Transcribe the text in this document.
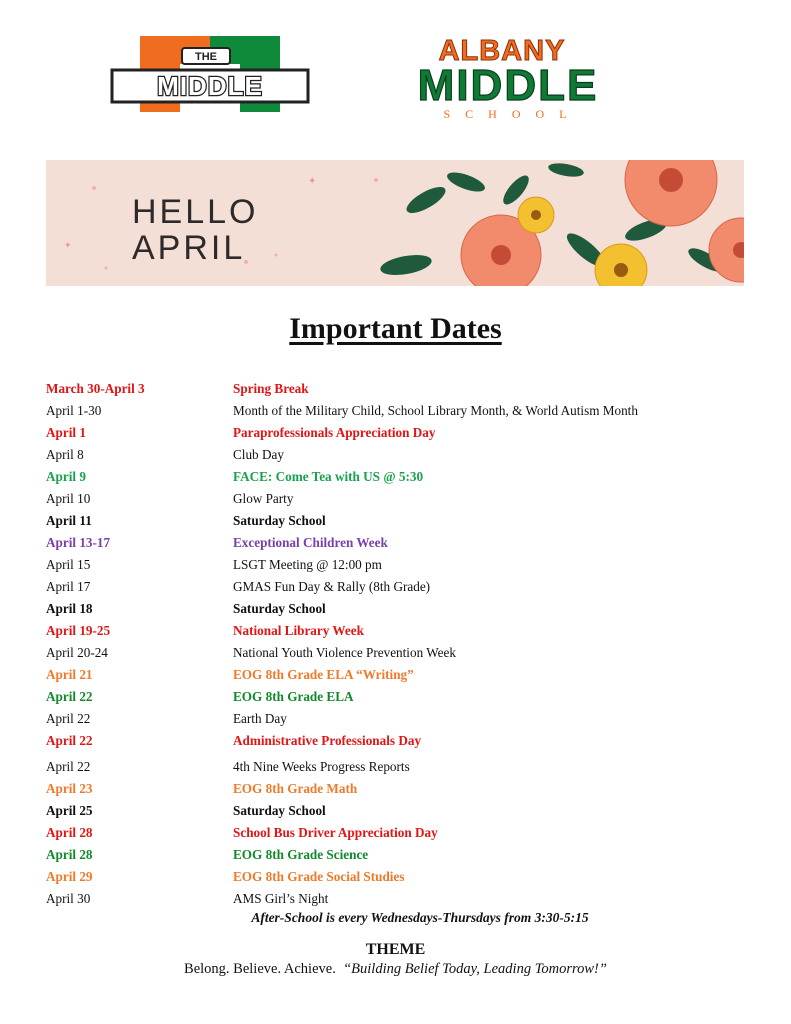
THE
MIDDLE
ALBANY
MIDDLE
S C H O O L
✦
✦
HELLO
APRIL
Important Dates
March 30-April 3	Spring Break
April 1-30	Month of the Military Child, School Library Month, & World Autism Month
April 1	Paraprofessionals Appreciation Day
April 8	Club Day
April 9	FACE: Come Tea with US @ 5:30
April 10	Glow Party
April 11	Saturday School
April 13-17	Exceptional Children Week
April 15	LSGT Meeting @ 12:00 pm
April 17	GMAS Fun Day & Rally (8th Grade)
April 18	Saturday School
April 19-25	National Library Week
April 20-24	National Youth Violence Prevention Week
April 21	EOG 8th Grade ELA “Writing”
April 22	EOG 8th Grade ELA
April 22	Earth Day
April 22	Administrative Professionals Day
April 22	4th Nine Weeks Progress Reports
April 23	EOG 8th Grade Math
April 25	Saturday School
April 28	School Bus Driver Appreciation Day
April 28	EOG 8th Grade Science
April 29	EOG 8th Grade Social Studies
April 30	AMS Girl’s Night
After-School is every Wednesdays-Thursdays from 3:30-5:15
THEME
Belong. Believe. Achieve. “Building Belief Today, Leading Tomorrow!”
